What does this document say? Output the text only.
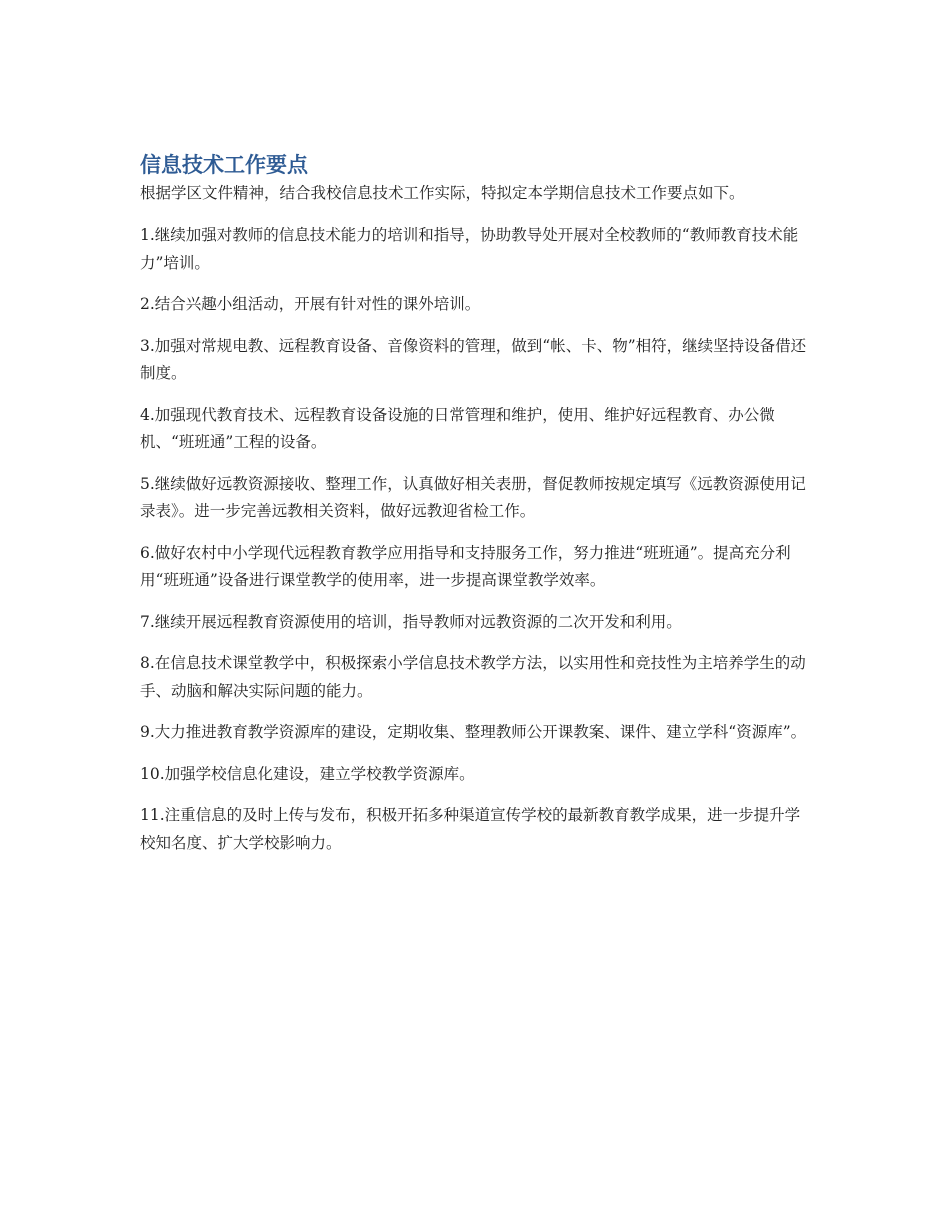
信息技术工作要点

根据学区文件精神，结合我校信息技术工作实际，特拟定本学期信息技术工作要点如下。

1.继续加强对教师的信息技术能力的培训和指导，协助教导处开展对全校教师的“教师教育技术能力”培训。

2.结合兴趣小组活动，开展有针对性的课外培训。

3.加强对常规电教、远程教育设备、音像资料的管理，做到“帐、卡、物”相符，继续坚持设备借还制度。

4.加强现代教育技术、远程教育设备设施的日常管理和维护，使用、维护好远程教育、办公微机、“班班通”工程的设备。

5.继续做好远教资源接收、整理工作，认真做好相关表册，督促教师按规定填写《远教资源使用记录表》。进一步完善远教相关资料，做好远教迎省检工作。

6.做好农村中小学现代远程教育教学应用指导和支持服务工作，努力推进“班班通”。提高充分利用“班班通”设备进行课堂教学的使用率，进一步提高课堂教学效率。

7.继续开展远程教育资源使用的培训，指导教师对远教资源的二次开发和利用。

8.在信息技术课堂教学中，积极探索小学信息技术教学方法，以实用性和竞技性为主培养学生的动手、动脑和解决实际问题的能力。

9.大力推进教育教学资源库的建设，定期收集、整理教师公开课教案、课件、建立学科“资源库”。

10.加强学校信息化建设，建立学校教学资源库。

11.注重信息的及时上传与发布，积极开拓多种渠道宣传学校的最新教育教学成果，进一步提升学校知名度、扩大学校影响力。
